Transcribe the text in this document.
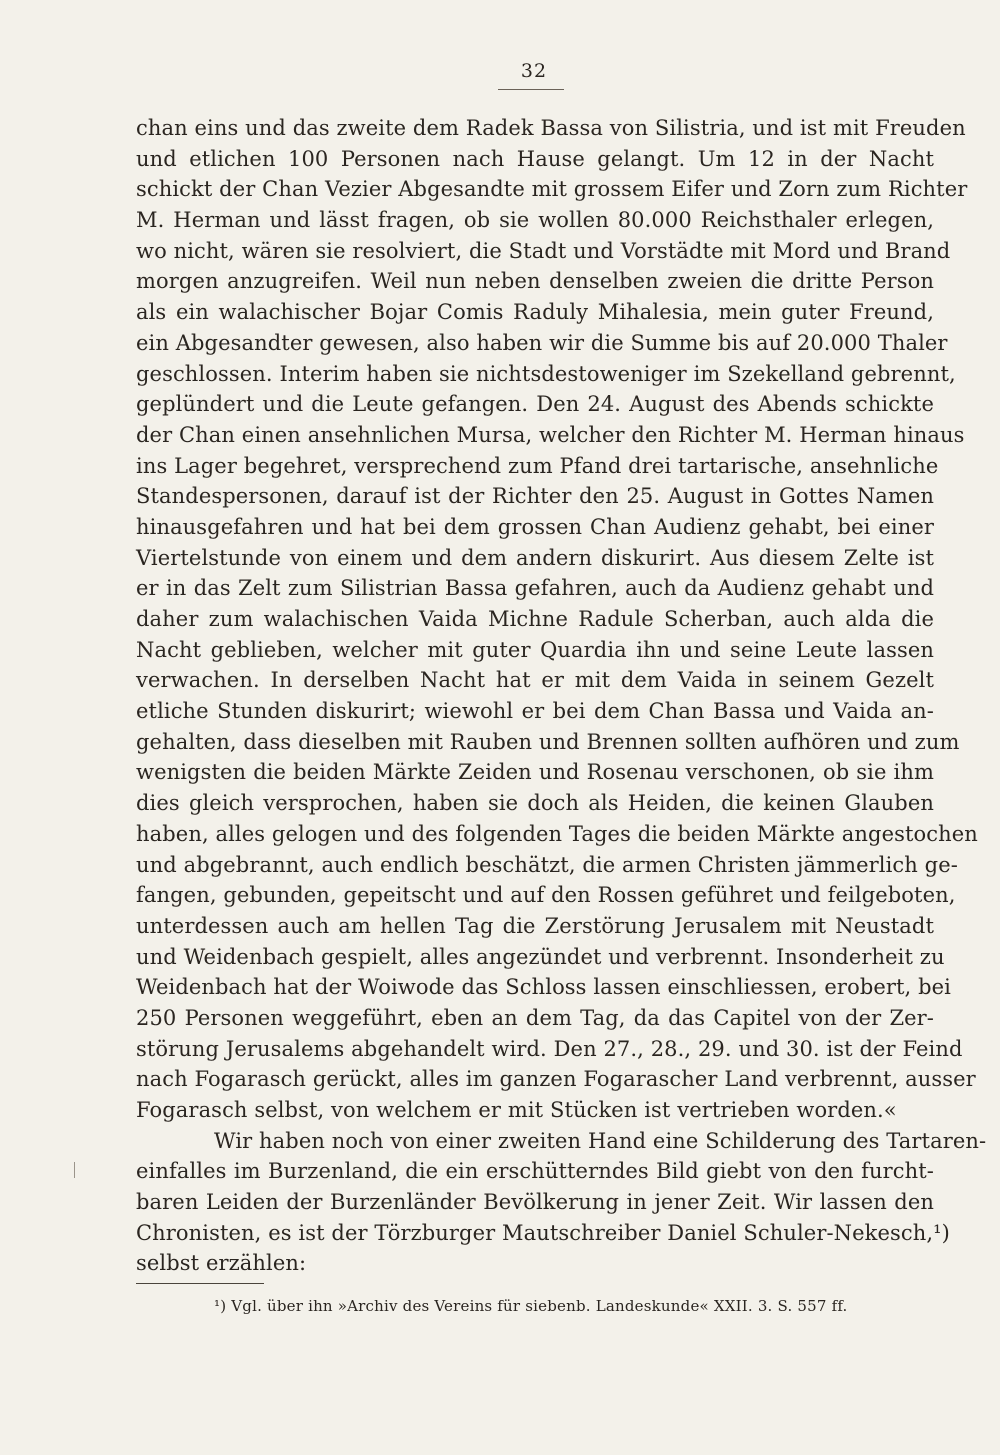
32
chan eins und das zweite dem Radek Bassa von Silistria, und ist mit Freuden
und etlichen 100 Personen nach Hause gelangt. Um 12 in der Nacht
schickt der Chan Vezier Abgesandte mit grossem Eifer und Zorn zum Richter
M. Herman und lässt fragen, ob sie wollen 80.000 Reichsthaler erlegen,
wo nicht, wären sie resolviert, die Stadt und Vorstädte mit Mord und Brand
morgen anzugreifen. Weil nun neben denselben zweien die dritte Person
als ein walachischer Bojar Comis Raduly Mihalesia, mein guter Freund,
ein Abgesandter gewesen, also haben wir die Summe bis auf 20.000 Thaler
geschlossen. Interim haben sie nichtsdestoweniger im Szekelland gebrennt,
geplündert und die Leute gefangen. Den 24. August des Abends schickte
der Chan einen ansehnlichen Mursa, welcher den Richter M. Herman hinaus
ins Lager begehret, versprechend zum Pfand drei tartarische, ansehnliche
Standespersonen, darauf ist der Richter den 25. August in Gottes Namen
hinausgefahren und hat bei dem grossen Chan Audienz gehabt, bei einer
Viertelstunde von einem und dem andern diskurirt. Aus diesem Zelte ist
er in das Zelt zum Silistrian Bassa gefahren, auch da Audienz gehabt und
daher zum walachischen Vaida Michne Radule Scherban, auch alda die
Nacht geblieben, welcher mit guter Quardia ihn und seine Leute lassen
verwachen. In derselben Nacht hat er mit dem Vaida in seinem Gezelt
etliche Stunden diskurirt; wiewohl er bei dem Chan Bassa und Vaida an-
gehalten, dass dieselben mit Rauben und Brennen sollten aufhören und zum
wenigsten die beiden Märkte Zeiden und Rosenau verschonen, ob sie ihm
dies gleich versprochen, haben sie doch als Heiden, die keinen Glauben
haben, alles gelogen und des folgenden Tages die beiden Märkte angestochen
und abgebrannt, auch endlich beschätzt, die armen Christen jämmerlich ge-
fangen, gebunden, gepeitscht und auf den Rossen geführet und feilgeboten,
unterdessen auch am hellen Tag die Zerstörung Jerusalem mit Neustadt
und Weidenbach gespielt, alles angezündet und verbrennt. Insonderheit zu
Weidenbach hat der Woiwode das Schloss lassen einschliessen, erobert, bei
250 Personen weggeführt, eben an dem Tag, da das Capitel von der Zer-
störung Jerusalems abgehandelt wird. Den 27., 28., 29. und 30. ist der Feind
nach Fogarasch gerückt, alles im ganzen Fogarascher Land verbrennt, ausser
Fogarasch selbst, von welchem er mit Stücken ist vertrieben worden.«
Wir haben noch von einer zweiten Hand eine Schilderung des Tartaren-
einfalles im Burzenland, die ein erschütterndes Bild giebt von den furcht-
baren Leiden der Burzenländer Bevölkerung in jener Zeit. Wir lassen den
Chronisten, es ist der Törzburger Mautschreiber Daniel Schuler-Nekesch,¹)
selbst erzählen:
¹) Vgl. über ihn »Archiv des Vereins für siebenb. Landeskunde« XXII. 3. S. 557 ff.
